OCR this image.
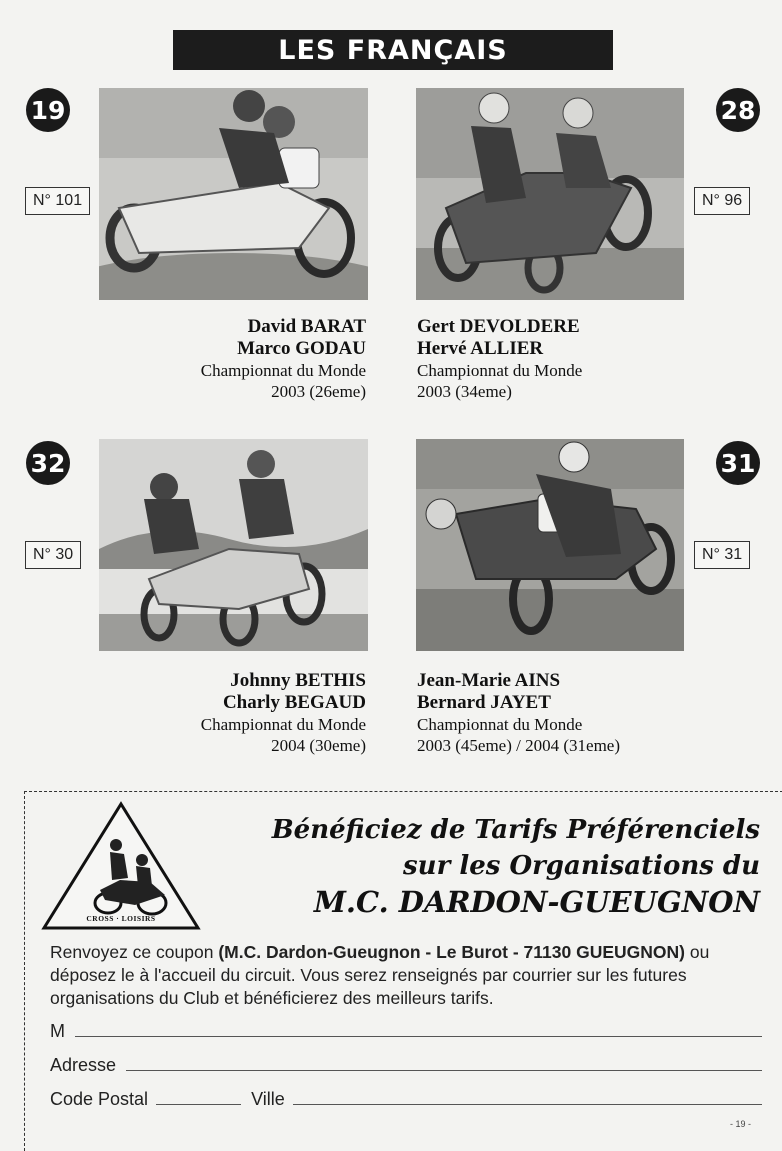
LES FRANÇAIS
19
N° 101
David BARAT
Marco GODAU
Championnat du Monde
2003 (26eme)
28
N° 96
Gert DEVOLDERE
Hervé ALLIER
Championnat du Monde
2003 (34eme)
32
N° 30
Johnny BETHIS
Charly BEGAUD
Championnat du Monde
2004 (30eme)
31
N° 31
Jean-Marie AINS
Bernard JAYET
Championnat du Monde
2003 (45eme) / 2004 (31eme)
CROSS · LOISIRS
Bénéficiez de Tarifs Préférenciels
sur les Organisations du
M.C. DARDON-GUEUGNON
Renvoyez ce coupon (M.C. Dardon-Gueugnon - Le Burot - 71130 GUEUGNON) ou déposez le à l'accueil du circuit. Vous serez renseignés par courrier sur les futures organisations du Club et bénéficierez des meilleurs tarifs.
M
Adresse
Code Postal	Ville
- 19 -
